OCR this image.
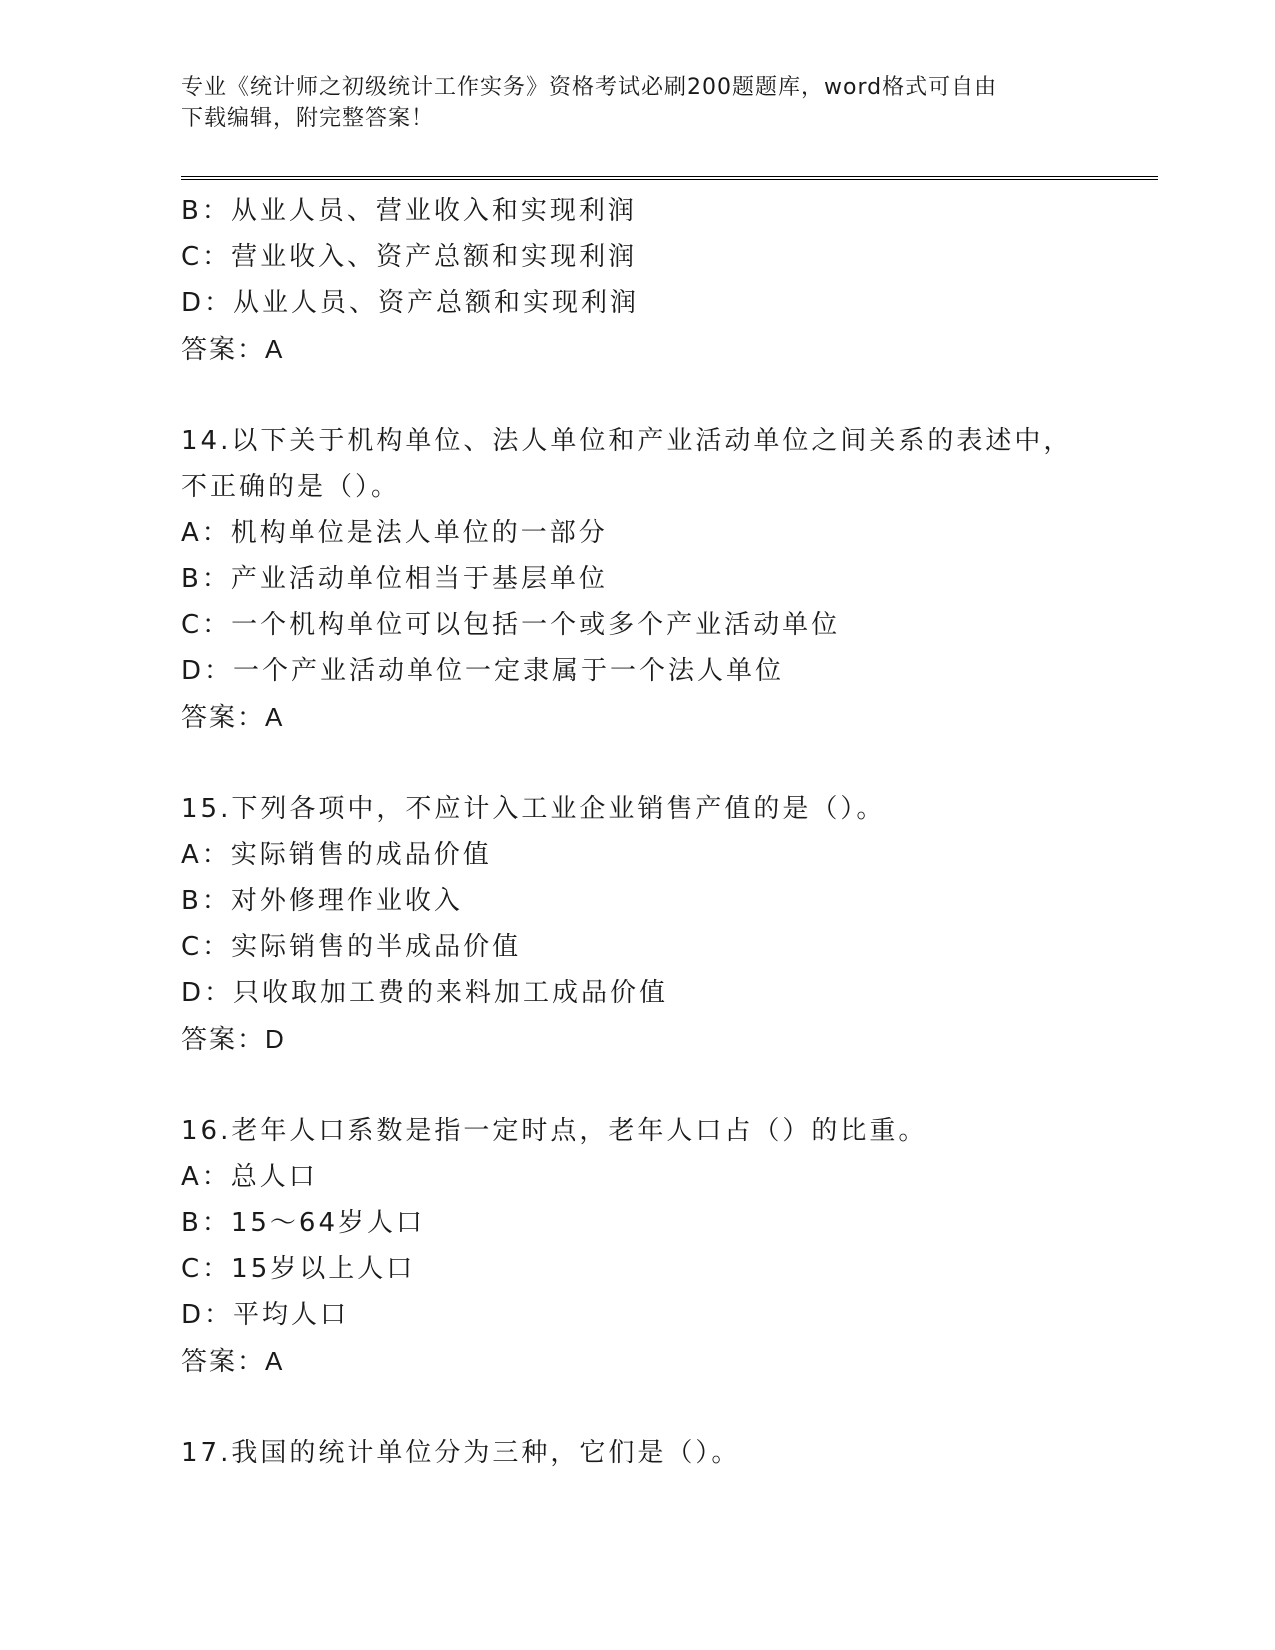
专业《统计师之初级统计工作实务》资格考试必刷200题题库，word格式可自由
下载编辑，附完整答案！
B：从业人员、营业收入和实现利润
C：营业收入、资产总额和实现利润
D：从业人员、资产总额和实现利润
答案：A
14.以下关于机构单位、法人单位和产业活动单位之间关系的表述中，
不正确的是（）。
A：机构单位是法人单位的一部分
B：产业活动单位相当于基层单位
C：一个机构单位可以包括一个或多个产业活动单位
D：一个产业活动单位一定隶属于一个法人单位
答案：A
15.下列各项中，不应计入工业企业销售产值的是（）。
A：实际销售的成品价值
B：对外修理作业收入
C：实际销售的半成品价值
D：只收取加工费的来料加工成品价值
答案：D
16.老年人口系数是指一定时点，老年人口占（）的比重。
A：总人口
B：15～64岁人口
C：15岁以上人口
D：平均人口
答案：A
17.我国的统计单位分为三种，它们是（）。
